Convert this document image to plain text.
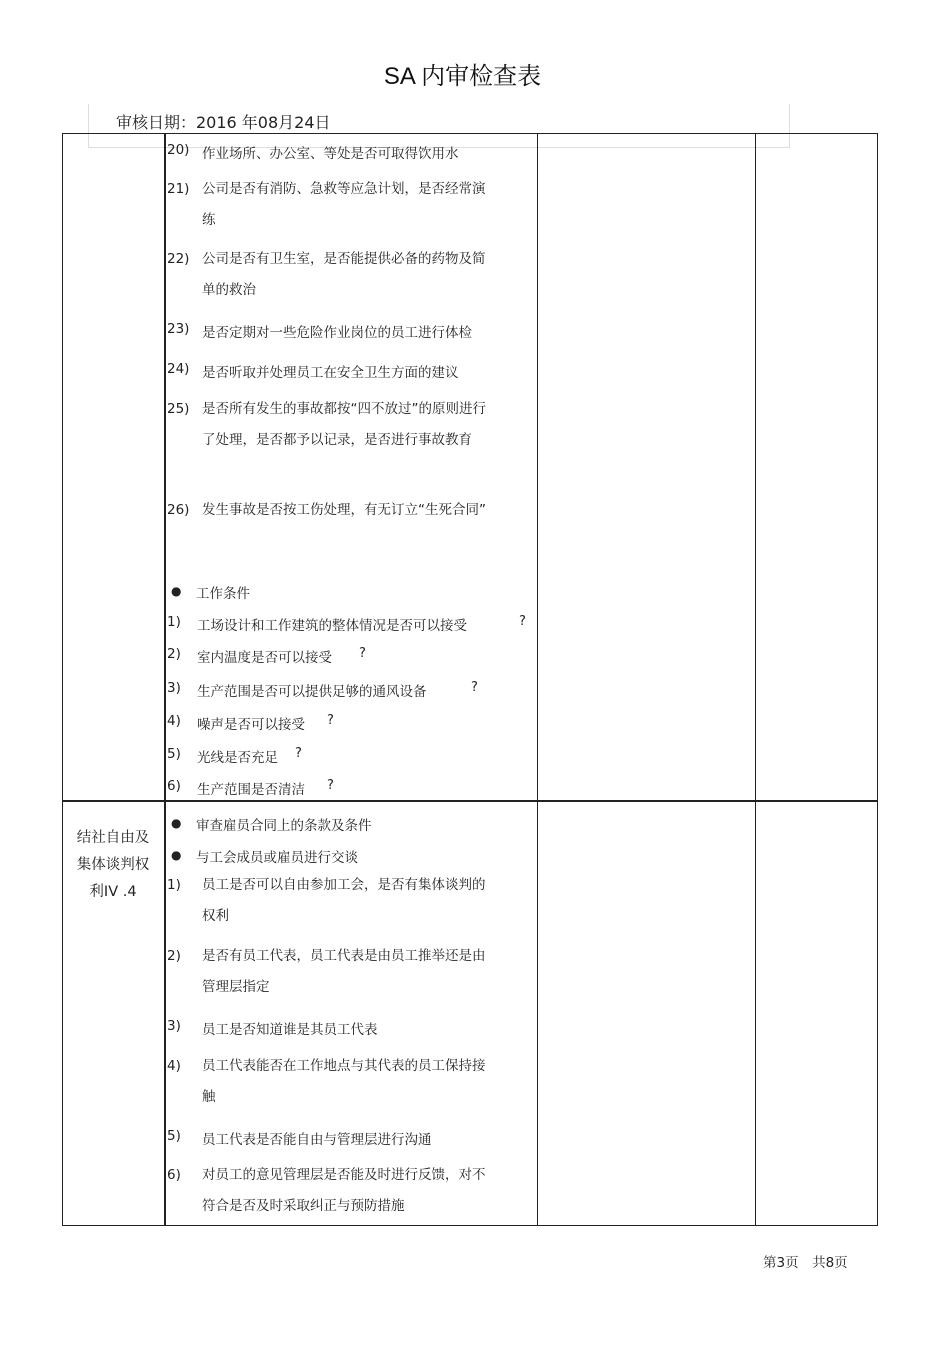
SA 内审检查表
审核日期：2016 年08月24日
20) 作业场所、办公室、等处是否可取得饮用水
21) 公司是否有消防、急救等应急计划，是否经常演练
22) 公司是否有卫生室，是否能提供必备的药物及简单的救治
23) 是否定期对一些危险作业岗位的员工进行体检
24) 是否听取并处理员工在安全卫生方面的建议
25) 是否所有发生的事故都按“四不放过”的原则进行了处理，是否都予以记录，是否进行事故教育
26) 发生事故是否按工伤处理，有无订立“生死合同”
● 工作条件
1) 工场设计和工作建筑的整体情况是否可以接受	?
2) 室内温度是否可以接受	?
3) 生产范围是否可以提供足够的通风设备	?
4) 噪声是否可以接受	?
5) 光线是否充足	?
6) 生产范围是否清洁	?
结社自由及
集体谈判权
利IV .4
● 审查雇员合同上的条款及条件
● 与工会成员或雇员进行交谈
1) 员工是否可以自由参加工会，是否有集体谈判的权利
2) 是否有员工代表，员工代表是由员工推举还是由管理层指定
3) 员工是否知道谁是其员工代表
4) 员工代表能否在工作地点与其代表的员工保持接触
5) 员工代表是否能自由与管理层进行沟通
6) 对员工的意见管理层是否能及时进行反馈，对不符合是否及时采取纠正与预防措施
第3页　共8页
